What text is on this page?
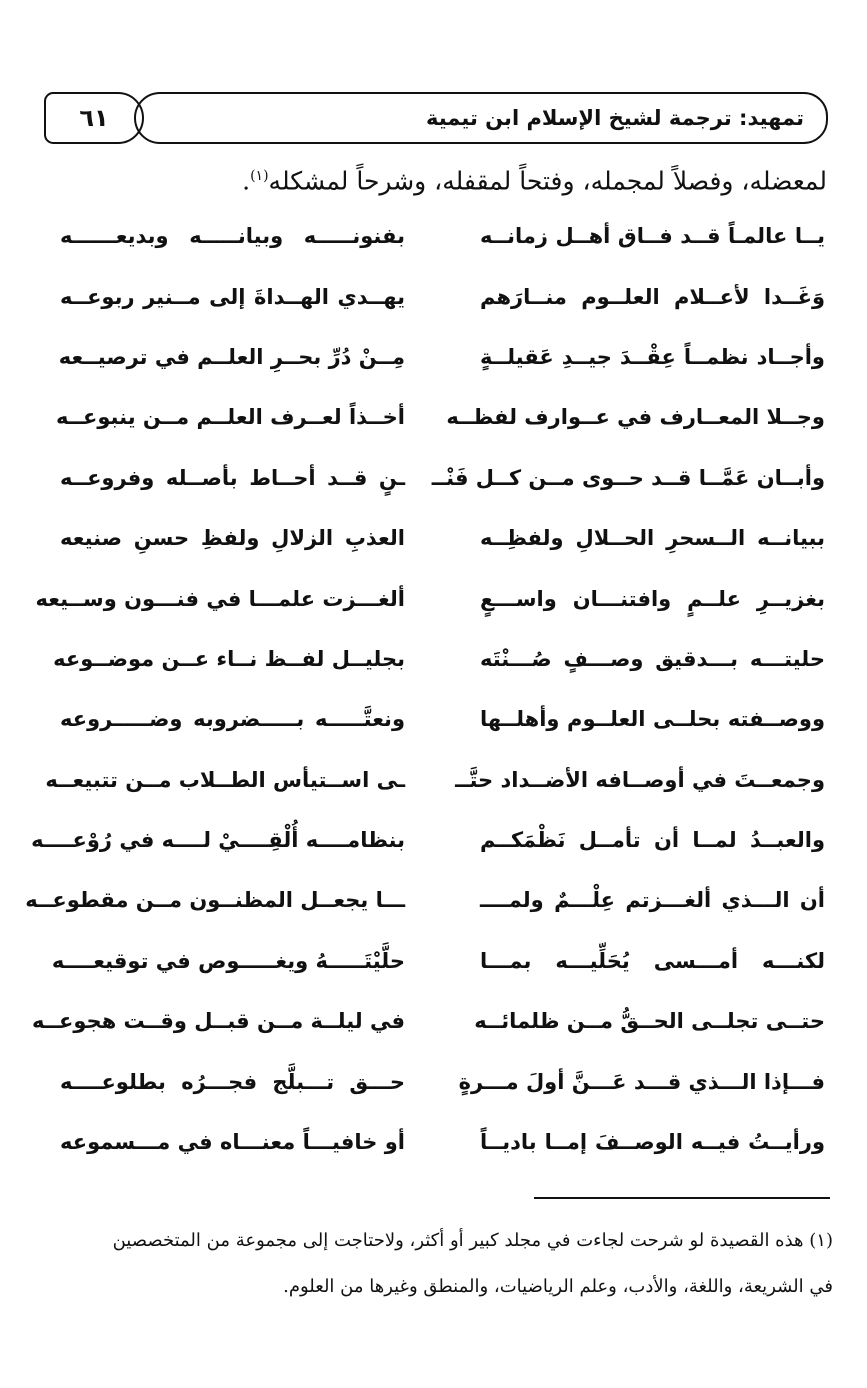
٦١	تمهيد: ترجمة لشيخ الإسلام ابن تيمية
لمعضله، وفصلاً لمجمله، وفتحاً لمقفله، وشرحاً لمشكله$^{(١)}$.
يــا عالمـاً قــد فــاق أهــل زمانــه
بفنونـــــه وبيانـــــه وبديعــــــه
وَغَــدا لأعــلام العلــوم منــارَهم
يهــدي الهــداةَ إلى مــنير ربوعــه
وأجــاد نظمــاً عِقْــدَ جيــدِ عَقيلــةٍ
مِــنْ دُرِّ بحــرِ العلــم في ترصيــعه
وجــلا المعــارف في عــوارف لفظــه
أخــذاً لعــرف العلــم مــن ينبوعــه
وأبــان عَمَّــا قــد حــوى مــن كــل فَنْــ
ـنٍ قــد أحــاط بأصــله وفروعــه
ببيانــه الــسحرِ الحــلالِ ولفظِــه
العذبِ الزلالِ ولفظِ حسنِ صنيعه
بغزيــرِ علــمٍ وافتنـــان واســـعٍ
ألغـــزت علمـــا في فنـــون وســيعه
حليتـــه بـــدقيق وصـــفٍ صُـــنْتَه
بجليــل لفــظ نــاء عــن موضــوعه
ووصــفته بحلــى العلــوم وأهلــها
ونعتَّـــــه بـــــضروبه وضـــــروعه
وجمعــتَ في أوصــافه الأضــداد حتَّــ
ـى اســتيأس الطــلاب مــن تتبيعــه
والعبــدُ لمــا أن تأمــل نَظْمَكــم
بنظامــــه أُلْقِــــيْ لــــه في رُوْعــــه
أن الـــذي ألغـــزتم عِلْـــمٌ ولمــــ
ـــا يجعــل المظنــون مــن مقطوعــه
لكنـــه أمـــسى يُحَلِّيـــه بمـــا
حلَّيْتَـــــهُ ويغـــــوص في توقيعــــه
حتــى تجلــى الحــقُّ مــن ظلمائــه
في ليلــة مــن قبــل وقــت هجوعــه
فـــإذا الـــذي قـــد عَـــنَّ أولَ مـــرةٍ
حـــق تـــبلَّج فجـــرُه بطلوعــــه
ورأيــتُ فيــه الوصــفَ إمــا باديــاً
أو خافيـــاً معنـــاه في مـــسموعه

(١) هذه القصيدة لو شرحت لجاءت في مجلد كبير أو أكثر، ولاحتاجت إلى مجموعة من المتخصصين

في الشريعة، واللغة، والأدب، وعلم الرياضيات، والمنطق وغيرها من العلوم.
